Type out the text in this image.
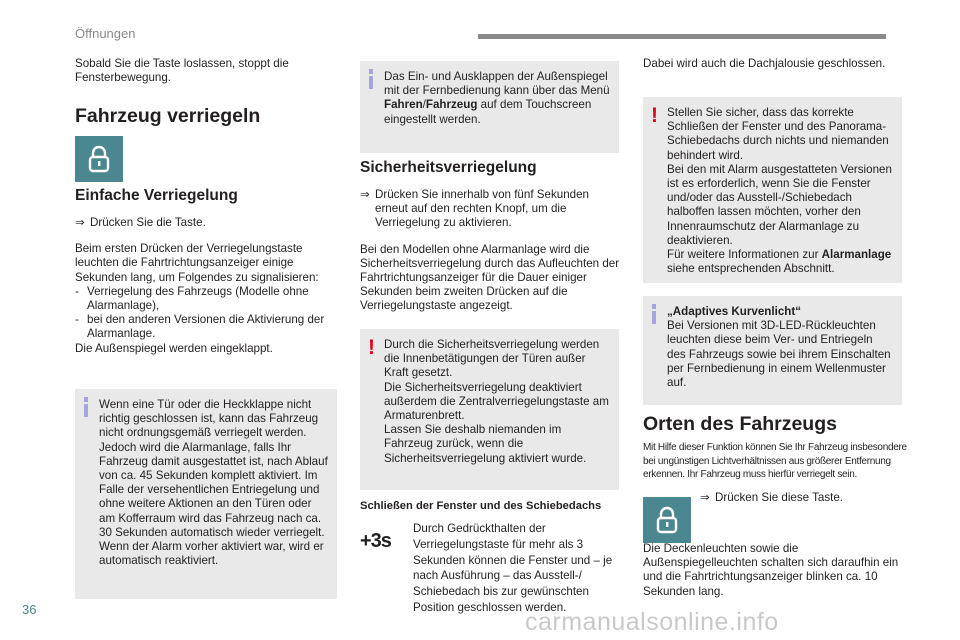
Öffnungen

Sobald Sie die Taste loslassen, stoppt die Fensterbewegung.

Fahrzeug verriegeln
Einfache Verriegelung
⇒ Drücken Sie die Taste.

Beim ersten Drücken der Verriegelungstaste leuchten die Fahrtrichtungsanzeiger einige Sekunden lang, um Folgendes zu signalisieren:

- Verriegelung des Fahrzeugs (Modelle ohne Alarmanlage),
- bei den anderen Versionen die Aktivierung der Alarmanlage.

Die Außenspiegel werden eingeklappt.

Wenn eine Tür oder die Heckklappe nicht richtig geschlossen ist, kann das Fahrzeug nicht ordnungsgemäß verriegelt werden. Jedoch wird die Alarmanlage, falls Ihr Fahrzeug damit ausgestattet ist, nach Ablauf von ca. 45 Sekunden komplett aktiviert. Im Falle der versehentlichen Entriegelung und ohne weitere Aktionen an den Türen oder am Kofferraum wird das Fahrzeug nach ca. 30 Sekunden automatisch wieder verriegelt. Wenn der Alarm vorher aktiviert war, wird er automatisch reaktiviert.
Das Ein- und Ausklappen der Außenspiegel mit der Fernbedienung kann über das Menü Fahren/Fahrzeug auf dem Touchscreen eingestellt werden.
Sicherheitsverriegelung
⇒ Drücken Sie innerhalb von fünf Sekunden erneut auf den rechten Knopf, um die Verriegelung zu aktivieren.

Bei den Modellen ohne Alarmanlage wird die Sicherheitsverriegelung durch das Aufleuchten der Fahrtrichtungsanzeiger für die Dauer einiger Sekunden beim zweiten Drücken auf die Verriegelungstaste angezeigt.

! Durch die Sicherheitsverriegelung werden die Innenbetätigungen der Türen außer Kraft gesetzt.

Die Sicherheitsverriegelung deaktiviert außerdem die Zentralverriegelungstaste am Armaturenbrett.

Lassen Sie deshalb niemanden im Fahrzeug zurück, wenn die Sicherheitsverriegelung aktiviert wurde.

Schließen der Fenster und des Schiebedachs
+3s
Durch Gedrückthalten der Verriegelungstaste für mehr als 3 Sekunden können die Fenster und – je nach Ausführung – das Ausstell-/ Schiebedach bis zur gewünschten Position geschlossen werden.
Dabei wird auch die Dachjalousie geschlossen.
! Stellen Sie sicher, dass das korrekte Schließen der Fenster und des Panorama-Schiebedachs durch nichts und niemanden behindert wird.

Bei den mit Alarm ausgestatteten Versionen ist es erforderlich, wenn Sie die Fenster und/oder das Ausstell-/Schiebedach halboffen lassen möchten, vorher den Innenraumschutz der Alarmanlage zu deaktivieren.

Für weitere Informationen zur Alarmanlage siehe entsprechenden Abschnitt.

„Adaptives Kurvenlicht“

Bei Versionen mit 3D-LED-Rückleuchten leuchten diese beim Ver- und Entriegeln des Fahrzeugs sowie bei ihrem Einschalten per Fernbedienung in einem Wellenmuster auf.

Orten des Fahrzeugs
Mit Hilfe dieser Funktion können Sie Ihr Fahrzeug insbesondere bei ungünstigen Lichtverhältnissen aus größerer Entfernung erkennen. Ihr Fahrzeug muss hierfür verriegelt sein.
⇒ Drücken Sie diese Taste.
Die Deckenleuchten sowie die Außenspiegelleuchten schalten sich daraufhin ein und die Fahrtrichtungsanzeiger blinken ca. 10 Sekunden lang.
36	carmanualsonline.info
